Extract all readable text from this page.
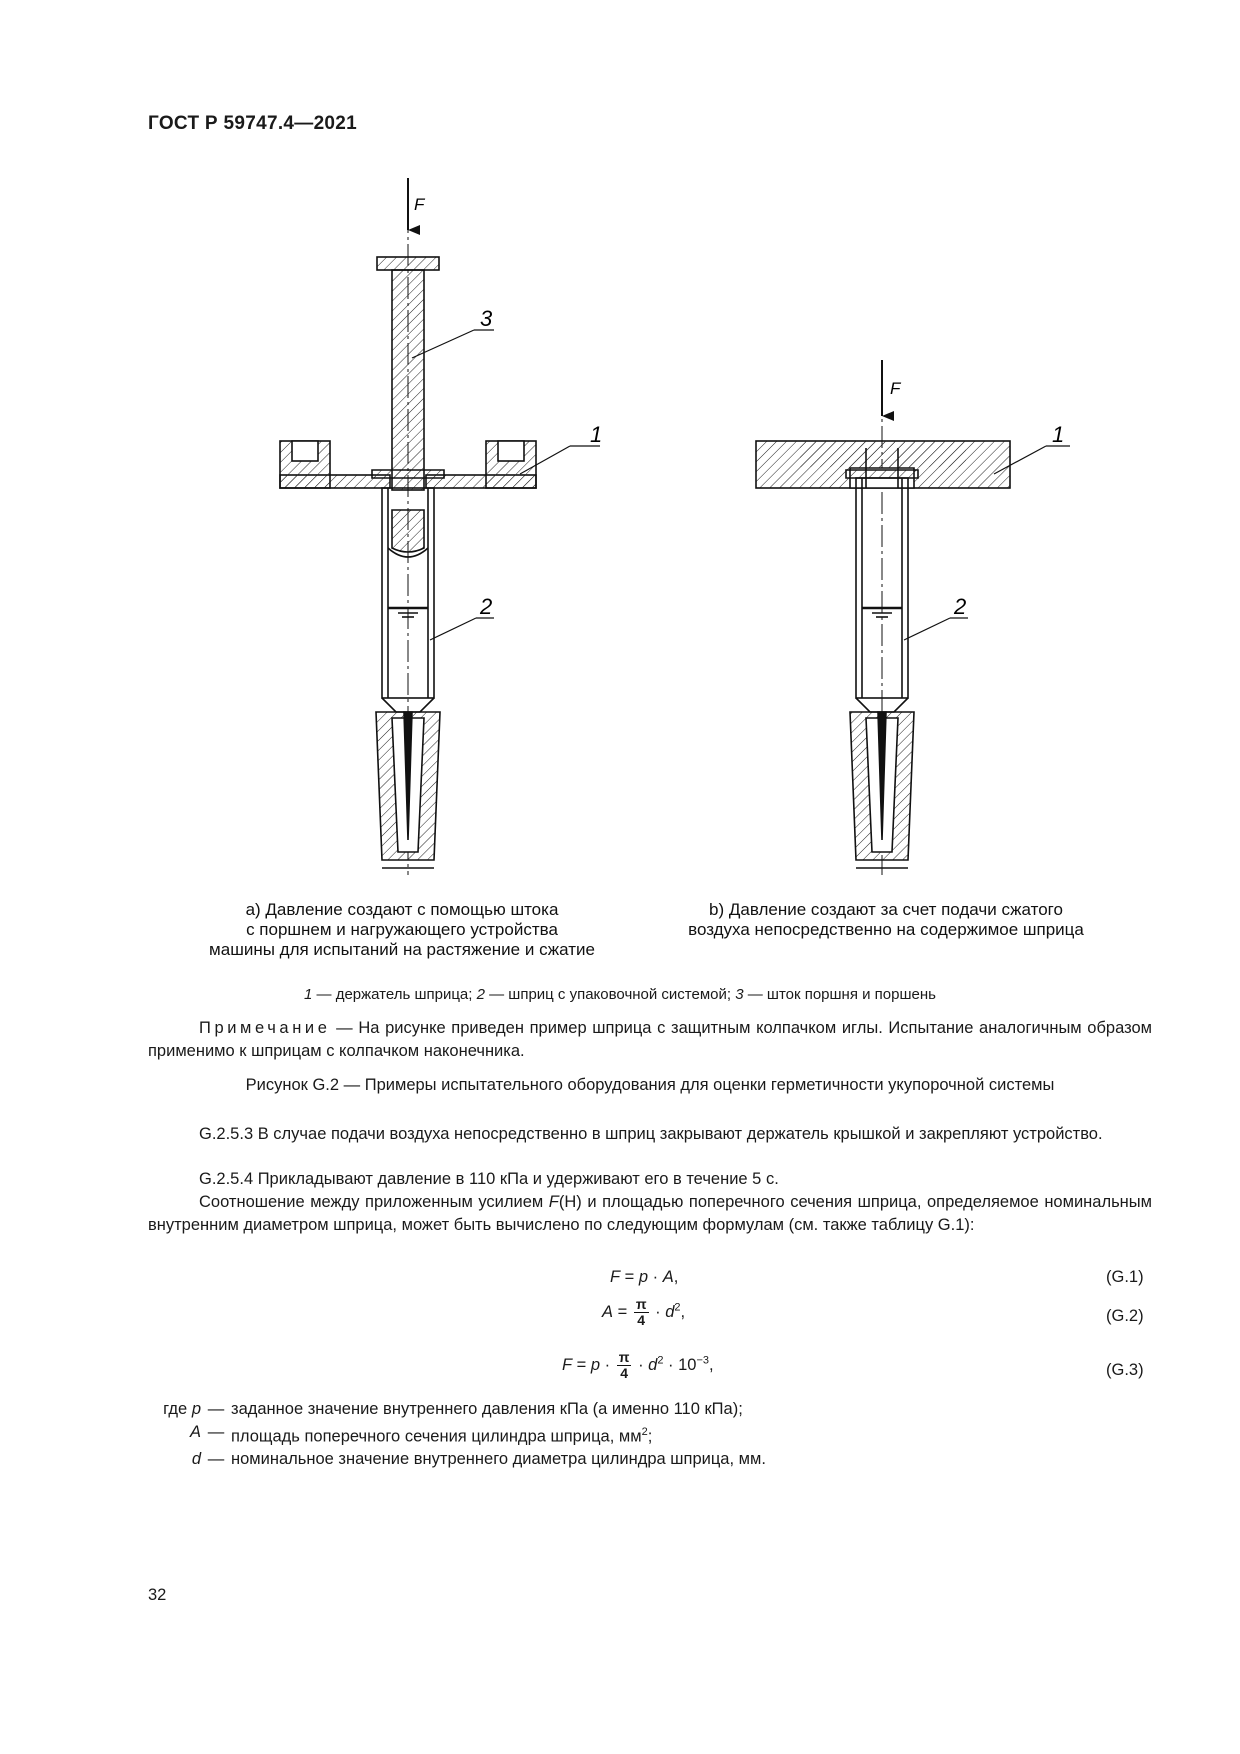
ГОСТ Р 59747.4—2021
F
3
1
2
F
1
2
а) Давление создают с помощью штока
с поршнем и нагружающего устройства
машины для испытаний на растяжение и сжатие
b) Давление создают за счет подачи сжатого
воздуха непосредственно на содержимое шприца
1 — держатель шприца; 2 — шприц с упаковочной системой; 3 — шток поршня и поршень
Примечание — На рисунке приведен пример шприца с защитным колпачком иглы. Испытание аналогичным образом применимо к шприцам с колпачком наконечника.
Рисунок G.2 — Примеры испытательного оборудования для оценки герметичности укупорочной системы
G.2.5.3 В случае подачи воздуха непосредственно в шприц закрывают держатель крышкой и закрепляют устройство.
G.2.5.4 Прикладывают давление в 110 кПа и удерживают его в течение 5 с.
Соотношение между приложенным усилием F(Н) и площадью поперечного сечения шприца, определяемое номинальным внутренним диаметром шприца, может быть вычислено по следующим формулам (см. также таблицу G.1):
F = p · A,	(G.1)
$A = \frac{\pi}{4} \cdot d^2$,	(G.2)
$F = p \cdot \frac{\pi}{4} \cdot d^2 \cdot 10^{-3}$,	(G.3)
где p — заданное значение внутреннего давления кПа (а именно 110 кПа);
A — площадь поперечного сечения цилиндра шприца, $мм^2$;
d — номинальное значение внутреннего диаметра цилиндра шприца, мм.
32
